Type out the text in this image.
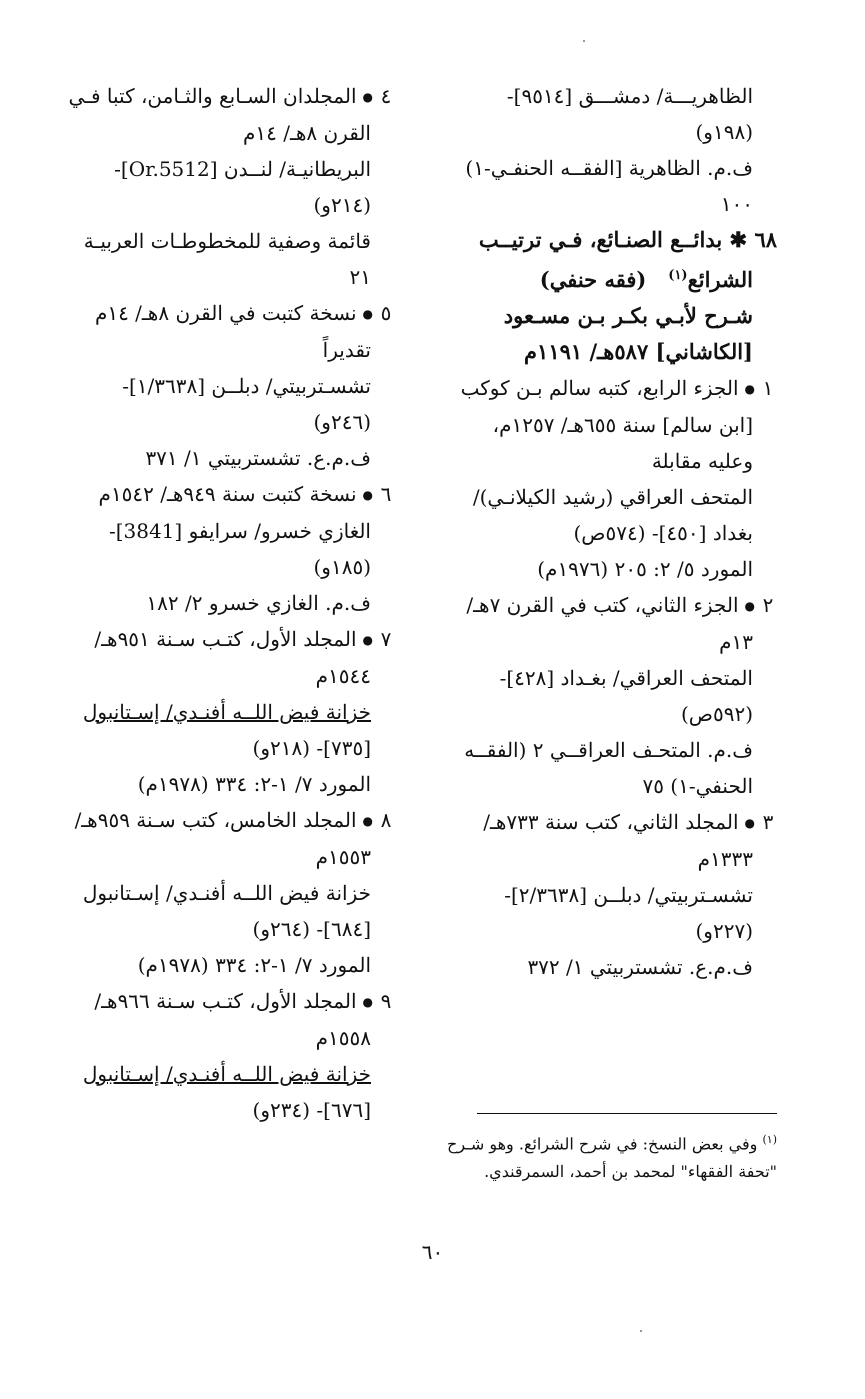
الظاهريـــة/ دمشـــق [٩٥١٤]-
(١٩٨و)
ف.م. الظاهرية [الفقــه الحنفـي-١)
١٠٠
٦٨ ✱ بدائــع الصنـائع، فـي ترتيــب
الشرائع$^{(١)}$   (فقه حنفي)
شـرح لأبـي بكـر بـن مسـعود
[الكاشاني] ٥٨٧هـ/ ١١٩١م
١●الجزء الرابع، كتبه سالم بـن كوكب
[ابن سالم] سنة ٦٥٥هـ/ ١٢٥٧م،
وعليه مقابلة
المتحف العراقي (رشيد الكيلانـي)/
بغداد [٤٥٠]- (٥٧٤ص)
المورد ٥/ ٢: ٢٠٥ (١٩٧٦م)
٢●الجزء الثاني، كتب في القرن ٧هـ/
١٣م
المتحف العراقي/ بغـداد [٤٢٨]-
(٥٩٢ص)
ف.م. المتحـف العراقــي ٢ (الفقــه
الحنفي-١) ٧٥
٣●المجلد الثاني، كتب سنة ٧٣٣هـ/
١٣٣٣م
تشسـتربيتي/ دبلــن [٢/٣٦٣٨]-
(٢٢٧و)
ف.م.ع. تشستربيتي ١/ ٣٧٢
٤●المجلدان السـابع والثـامن، كتبا فـي
القرن ٨هـ/ ١٤م
البريطانيـة/ لنــدن [Or.5512]-
(٢١٤و)
قائمة وصفية للمخطوطـات العربيـة
٢١
٥●نسخة كتبت في القرن ٨هـ/ ١٤م
تقديراً
تشسـتربيتي/ دبلــن [١/٣٦٣٨]-
(٢٤٦و)
ف.م.ع. تشستربيتي ١/ ٣٧١
٦●نسخة كتبت سنة ٩٤٩هـ/ ١٥٤٢م
الغازي خسرو/ سرايفو [3841]-
(١٨٥و)
ف.م. الغازي خسرو ٢/ ١٨٢
٧●المجلد الأول، كتـب سـنة ٩٥١هـ/
١٥٤٤م
خزانة فيض اللــه أفنـدي/ إسـتانبول
[٧٣٥]- (٢١٨و)
المورد ٧/ ١-٢: ٣٣٤ (١٩٧٨م)
٨●المجلد الخامس، كتب سـنة ٩٥٩هـ/
١٥٥٣م
خزانة فيض اللــه أفنـدي/ إسـتانبول
[٦٨٤]- (٢٦٤و)
المورد ٧/ ١-٢: ٣٣٤ (١٩٧٨م)
٩●المجلد الأول، كتـب سـنة ٩٦٦هـ/
١٥٥٨م
خزانة فيض اللــه أفنـدي/ إسـتانبول
[٦٧٦]- (٢٣٤و)
$^{(١)}$ وفي بعض النسخ: في شرح الشرائع. وهو شـرح
"تحفة الفقهاء" لمحمد بن أحمد، السمرقندي.
٦٠
